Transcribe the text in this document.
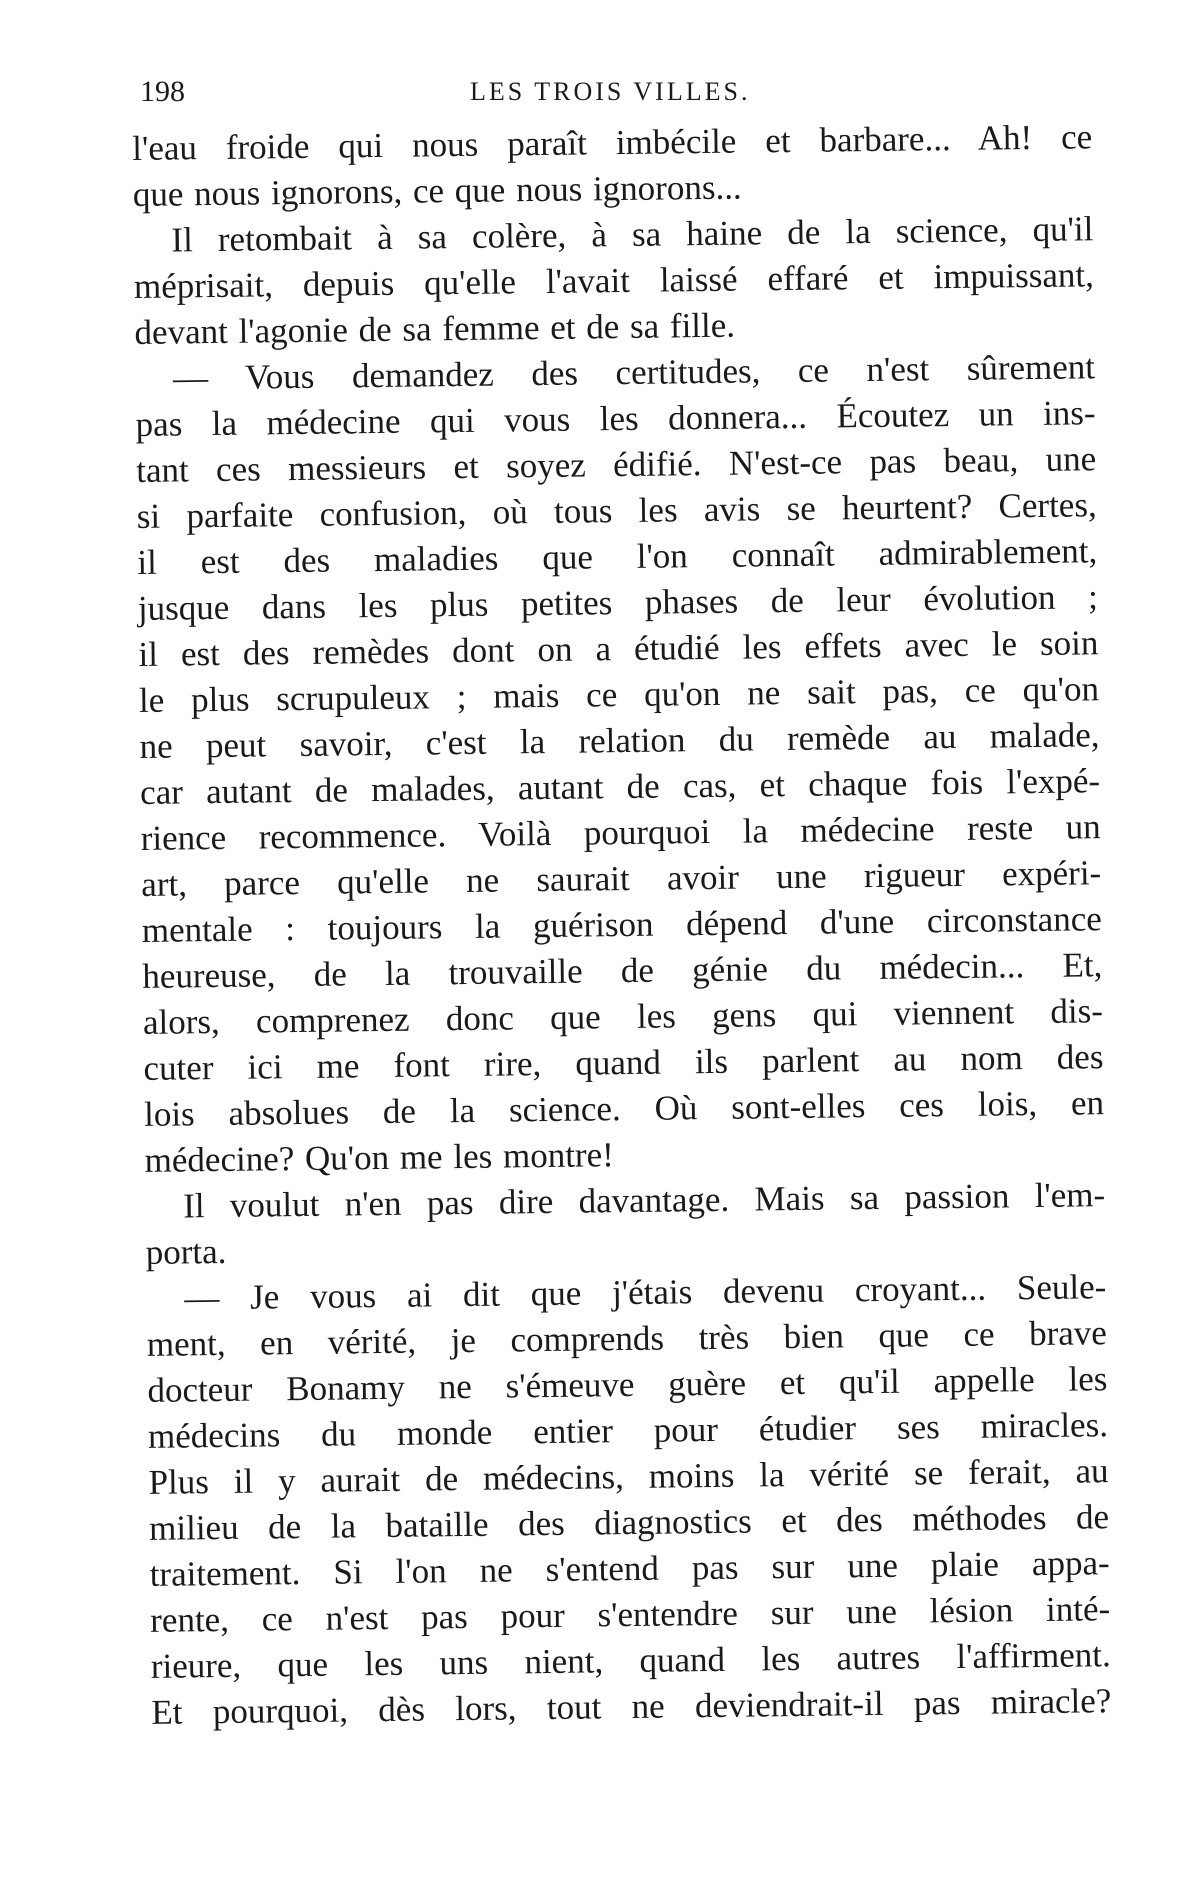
198	LES TROIS VILLES.
l'eau froide qui nous paraît imbécile et barbare... Ah! ce
que nous ignorons, ce que nous ignorons...
Il retombait à sa colère, à sa haine de la science, qu'il
méprisait, depuis qu'elle l'avait laissé effaré et impuissant,
devant l'agonie de sa femme et de sa fille.
— Vous demandez des certitudes, ce n'est sûrement
pas la médecine qui vous les donnera... Écoutez un ins-
tant ces messieurs et soyez édifié. N'est-ce pas beau, une
si parfaite confusion, où tous les avis se heurtent? Certes,
il est des maladies que l'on connaît admirablement,
jusque dans les plus petites phases de leur évolution ;
il est des remèdes dont on a étudié les effets avec le soin
le plus scrupuleux ; mais ce qu'on ne sait pas, ce qu'on
ne peut savoir, c'est la relation du remède au malade,
car autant de malades, autant de cas, et chaque fois l'expé-
rience recommence. Voilà pourquoi la médecine reste un
art, parce qu'elle ne saurait avoir une rigueur expéri-
mentale : toujours la guérison dépend d'une circonstance
heureuse, de la trouvaille de génie du médecin... Et,
alors, comprenez donc que les gens qui viennent dis-
cuter ici me font rire, quand ils parlent au nom des
lois absolues de la science. Où sont-elles ces lois, en
médecine? Qu'on me les montre!
Il voulut n'en pas dire davantage. Mais sa passion l'em-
porta.
— Je vous ai dit que j'étais devenu croyant... Seule-
ment, en vérité, je comprends très bien que ce brave
docteur Bonamy ne s'émeuve guère et qu'il appelle les
médecins du monde entier pour étudier ses miracles.
Plus il y aurait de médecins, moins la vérité se ferait, au
milieu de la bataille des diagnostics et des méthodes de
traitement. Si l'on ne s'entend pas sur une plaie appa-
rente, ce n'est pas pour s'entendre sur une lésion inté-
rieure, que les uns nient, quand les autres l'affirment.
Et pourquoi, dès lors, tout ne deviendrait-il pas miracle?
